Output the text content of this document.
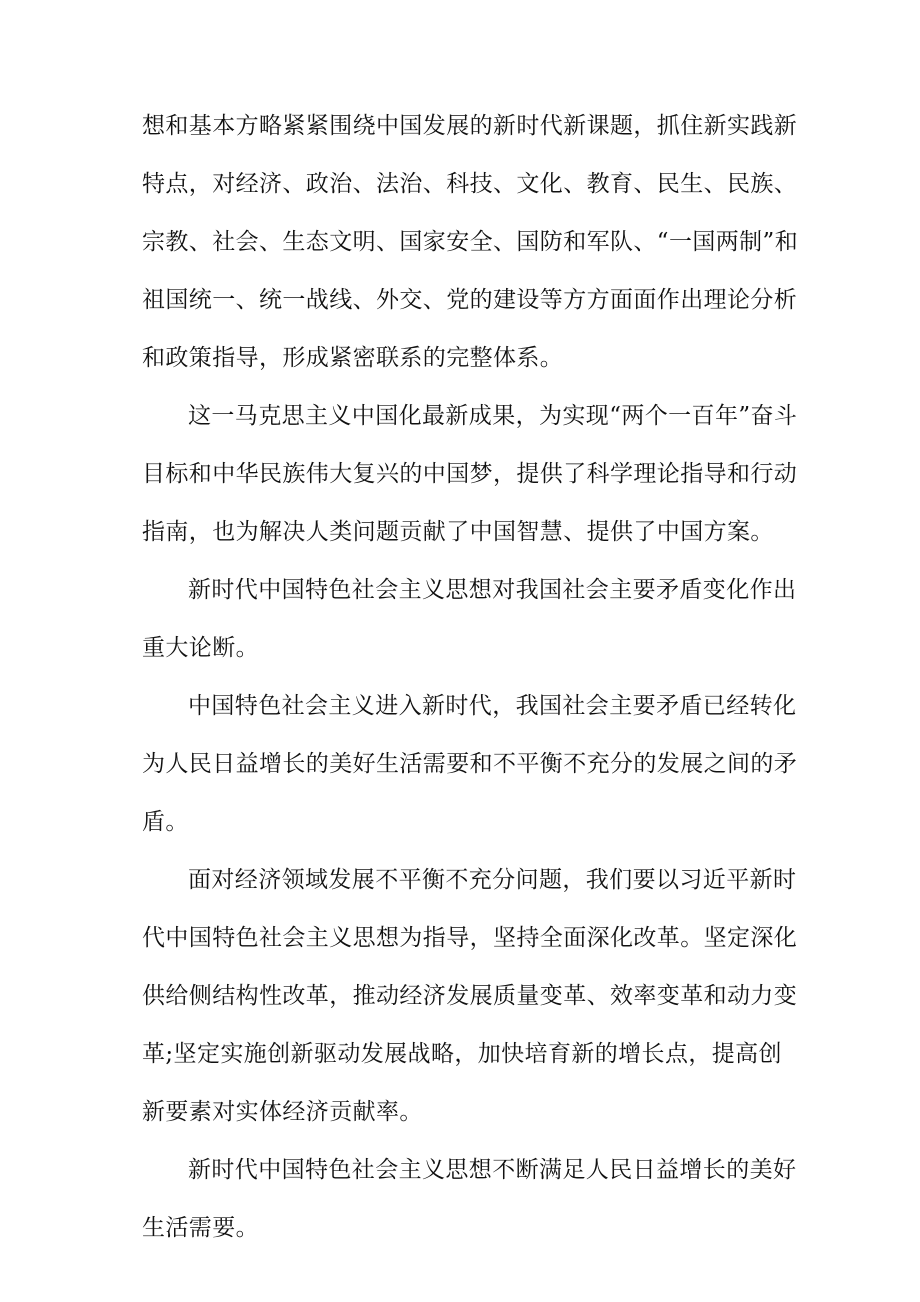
想和基本方略紧紧围绕中国发展的新时代新课题，抓住新实践新特点，对经济、政治、法治、科技、文化、教育、民生、民族、宗教、社会、生态文明、国家安全、国防和军队、“一国两制”和祖国统一、统一战线、外交、党的建设等方方面面作出理论分析和政策指导，形成紧密联系的完整体系。

这一马克思主义中国化最新成果，为实现“两个一百年”奋斗目标和中华民族伟大复兴的中国梦，提供了科学理论指导和行动指南，也为解决人类问题贡献了中国智慧、提供了中国方案。

新时代中国特色社会主义思想对我国社会主要矛盾变化作出重大论断。

中国特色社会主义进入新时代，我国社会主要矛盾已经转化为人民日益增长的美好生活需要和不平衡不充分的发展之间的矛盾。

面对经济领域发展不平衡不充分问题，我们要以习近平新时代中国特色社会主义思想为指导，坚持全面深化改革。坚定深化供给侧结构性改革，推动经济发展质量变革、效率变革和动力变革;坚定实施创新驱动发展战略，加快培育新的增长点，提高创新要素对实体经济贡献率。

新时代中国特色社会主义思想不断满足人民日益增长的美好生活需要。
